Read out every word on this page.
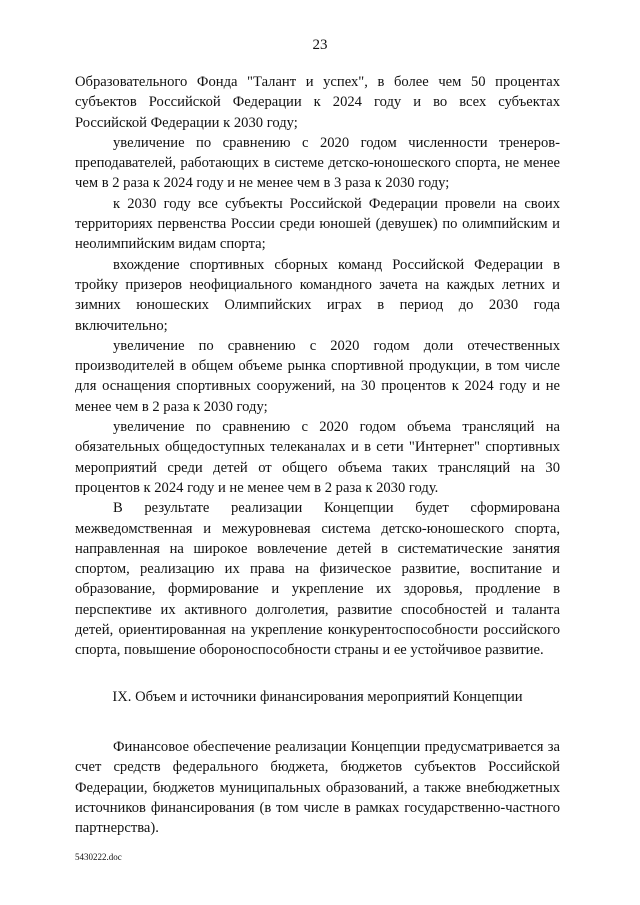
23

Образовательного Фонда "Талант и успех", в более чем 50 процентах субъектов Российской Федерации к 2024 году и во всех субъектах Российской Федерации к 2030 году;

увеличение по сравнению с 2020 годом численности тренеров-преподавателей, работающих в системе детско-юношеского спорта, не менее чем в 2 раза к 2024 году и не менее чем в 3 раза к 2030 году;

к 2030 году все субъекты Российской Федерации провели на своих территориях первенства России среди юношей (девушек) по олимпийским и неолимпийским видам спорта;

вхождение спортивных сборных команд Российской Федерации в тройку призеров неофициального командного зачета на каждых летних и зимних юношеских Олимпийских играх в период до 2030 года включительно;

увеличение по сравнению с 2020 годом доли отечественных производителей в общем объеме рынка спортивной продукции, в том числе для оснащения спортивных сооружений, на 30 процентов к 2024 году и не менее чем в 2 раза к 2030 году;

увеличение по сравнению с 2020 годом объема трансляций на обязательных общедоступных телеканалах и в сети "Интернет" спортивных мероприятий среди детей от общего объема таких трансляций на 30 процентов к 2024 году и не менее чем в 2 раза к 2030 году.

В результате реализации Концепции будет сформирована межведомственная и межуровневая система детско-юношеского спорта, направленная на широкое вовлечение детей в систематические занятия спортом, реализацию их права на физическое развитие, воспитание и образование, формирование и укрепление их здоровья, продление в перспективе их активного долголетия, развитие способностей и таланта детей, ориентированная на укрепление конкурентоспособности российского спорта, повышение обороноспособности страны и ее устойчивое развитие.

IX. Объем и источники финансирования мероприятий Концепции

Финансовое обеспечение реализации Концепции предусматривается за счет средств федерального бюджета, бюджетов субъектов Российской Федерации, бюджетов муниципальных образований, а также внебюджетных источников финансирования (в том числе в рамках государственно-частного партнерства).

5430222.doc
